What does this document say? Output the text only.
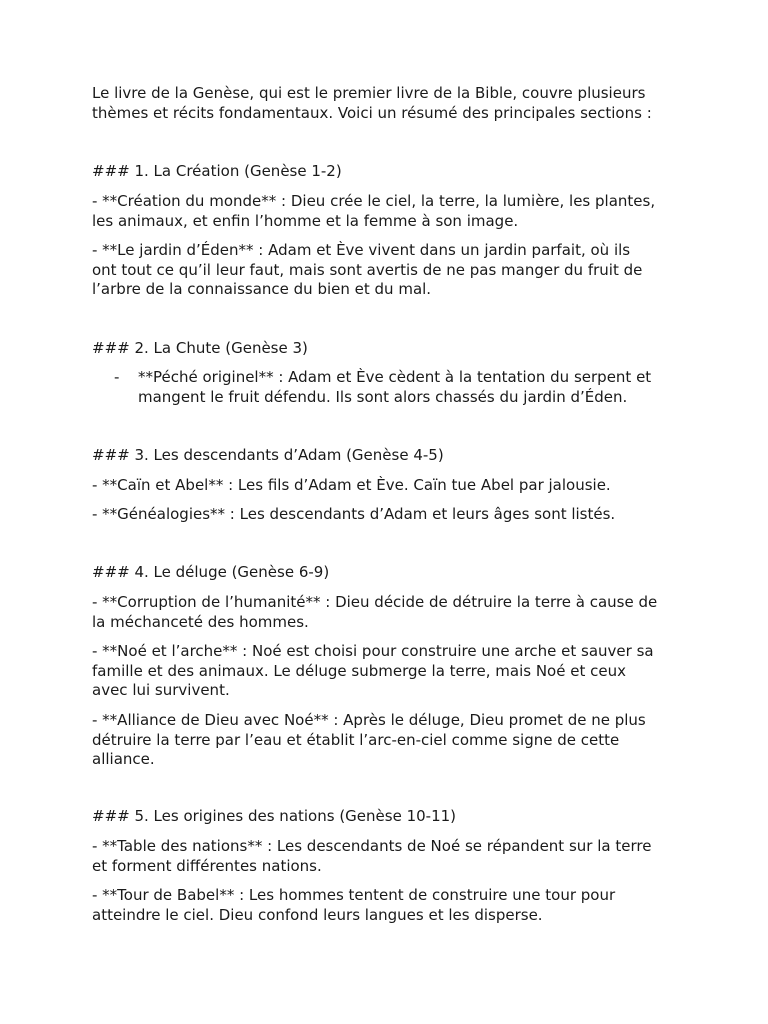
Le livre de la Genèse, qui est le premier livre de la Bible, couvre plusieurs
thèmes et récits fondamentaux. Voici un résumé des principales sections :

### 1. La Création (Genèse 1-2)

- **Création du monde** : Dieu crée le ciel, la terre, la lumière, les plantes,
les animaux, et enfin l’homme et la femme à son image.

- **Le jardin d’Éden** : Adam et Ève vivent dans un jardin parfait, où ils
ont tout ce qu’il leur faut, mais sont avertis de ne pas manger du fruit de
l’arbre de la connaissance du bien et du mal.

### 2. La Chute (Genèse 3)

- **Péché originel** : Adam et Ève cèdent à la tentation du serpent et
mangent le fruit défendu. Ils sont alors chassés du jardin d’Éden.

### 3. Les descendants d’Adam (Genèse 4-5)

- **Caïn et Abel** : Les fils d’Adam et Ève. Caïn tue Abel par jalousie.

- **Généalogies** : Les descendants d’Adam et leurs âges sont listés.

### 4. Le déluge (Genèse 6-9)

- **Corruption de l’humanité** : Dieu décide de détruire la terre à cause de
la méchanceté des hommes.

- **Noé et l’arche** : Noé est choisi pour construire une arche et sauver sa
famille et des animaux. Le déluge submerge la terre, mais Noé et ceux
avec lui survivent.

- **Alliance de Dieu avec Noé** : Après le déluge, Dieu promet de ne plus
détruire la terre par l’eau et établit l’arc-en-ciel comme signe de cette
alliance.

### 5. Les origines des nations (Genèse 10-11)

- **Table des nations** : Les descendants de Noé se répandent sur la terre
et forment différentes nations.

- **Tour de Babel** : Les hommes tentent de construire une tour pour
atteindre le ciel. Dieu confond leurs langues et les disperse.
